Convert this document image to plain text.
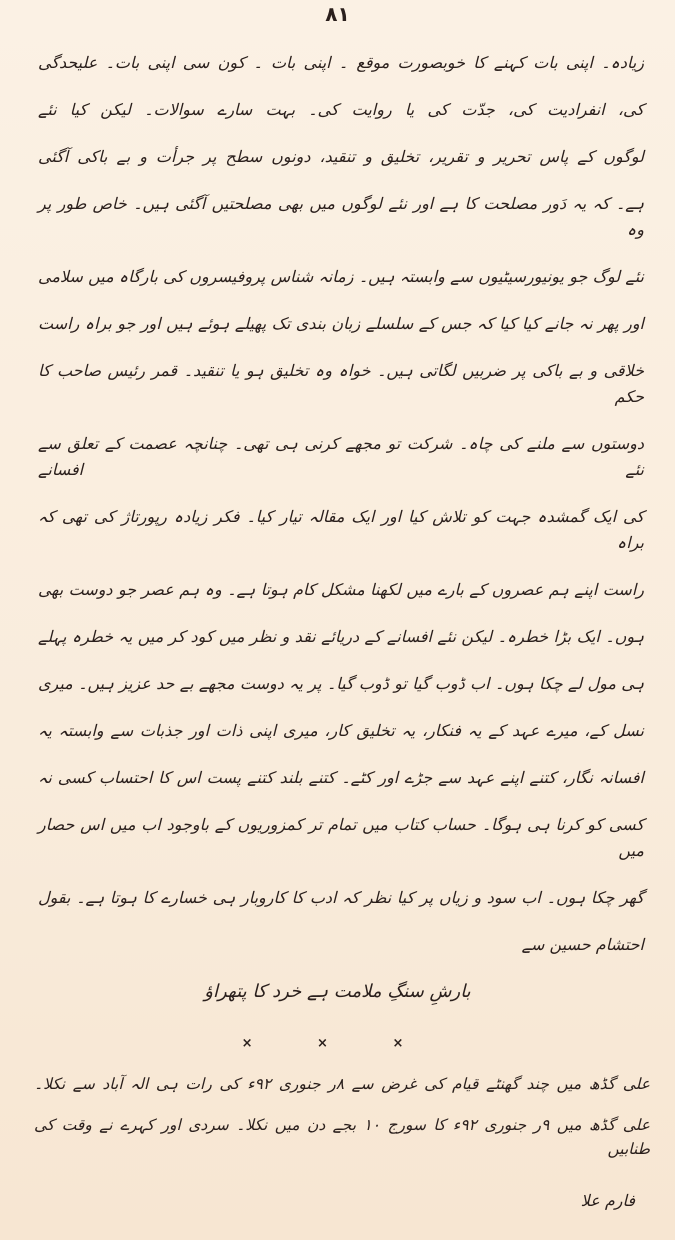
۸۱
زیادہ۔ اپنی بات کہنے کا خوبصورت موقع ۔ اپنی بات ۔ کون سی اپنی بات۔ علیحدگی
کی، انفرادیت کی، جدّت کی یا روایت کی۔ بہت سارے سوالات۔ لیکن کیا نئے
لوگوں کے پاس تحریر و تقریر، تخلیق و تنقید، دونوں سطح پر جرأت و بے باکی آگئی
ہے۔ کہ یہ دَور مصلحت کا ہے اور نئے لوگوں میں بھی مصلحتیں آگئی ہیں۔ خاص طور پر وہ
نئے لوگ جو یونیورسیٹیوں سے وابستہ ہیں۔ زمانہ شناس پروفیسروں کی بارگاہ میں سلامی
اور پھر نہ جانے کیا کیا کہ جس کے سلسلے زبان بندی تک پھیلے ہوئے ہیں اور جو براہ راست
خلاقی و بے باکی پر ضربیں لگاتی ہیں۔ خواہ وہ تخلیق ہو یا تنقید۔ قمر رئیس صاحب کا حکم
دوستوں سے ملنے کی چاہ۔ شرکت تو مجھے کرنی ہی تھی۔ چنانچہ عصمت کے تعلق سے نئے افسانے
کی ایک گمشدہ جہت کو تلاش کیا اور ایک مقالہ تیار کیا۔ فکر زیادہ رپورتاژ کی تھی کہ براہ
راست اپنے ہم عصروں کے بارے میں لکھنا مشکل کام ہوتا ہے۔ وہ ہم عصر جو دوست بھی
ہوں۔ ایک بڑا خطرہ۔ لیکن نئے افسانے کے دریائے نقد و نظر میں کود کر میں یہ خطرہ پہلے
ہی مول لے چکا ہوں۔ اب ڈوب گیا تو ڈوب گیا۔ پر یہ دوست مجھے بے حد عزیز ہیں۔ میری
نسل کے، میرے عہد کے یہ فنکار، یہ تخلیق کار، میری اپنی ذات اور جذبات سے وابستہ یہ
افسانہ نگار، کتنے اپنے عہد سے جڑے اور کٹے۔ کتنے بلند کتنے پست اس کا احتساب کسی نہ
کسی کو کرنا ہی ہوگا۔ حساب کتاب میں تمام تر کمزوریوں کے باوجود اب میں اس حصار میں
گھر چکا ہوں۔ اب سود و زیاں پر کیا نظر کہ ادب کا کاروبار ہی خسارے کا ہوتا ہے۔ بقول
احتشام حسین سے
بارشِ سنگِ ملامت ہے خرد کا پتھراؤ
× × ×
علی گڈھ میں چند گھنٹے قیام کی غرض سے ۸ر جنوری ۹۲ء کی رات ہی الہ آباد سے نکلا۔
علی گڈھ میں ۹ر جنوری ۹۲ء کا سورج ۱۰ بجے دن میں نکلا۔ سردی اور کہرے نے وقت کی طنابیں
فارم علا
